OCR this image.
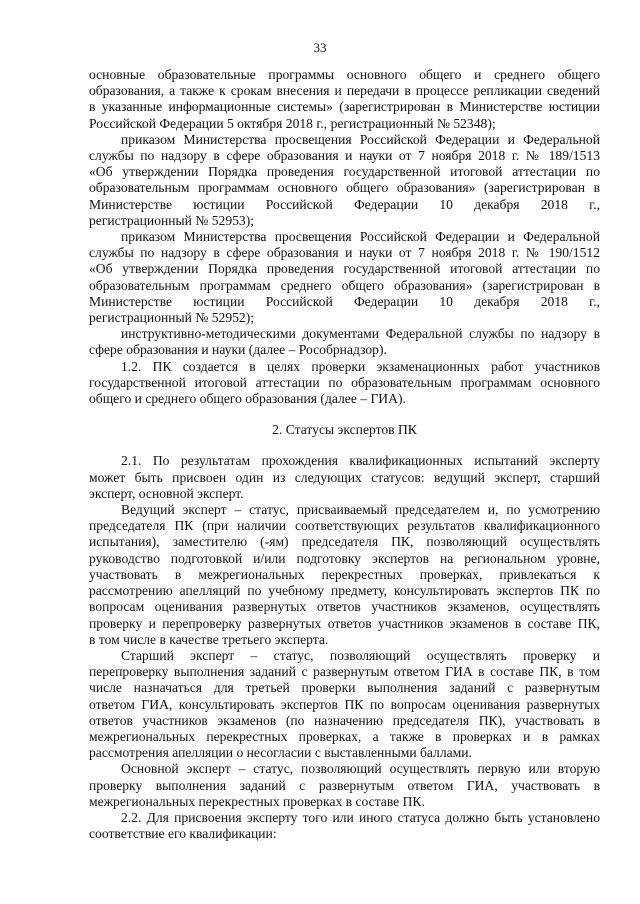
33
основные образовательные программы основного общего и среднего общего
образования, а также к срокам внесения и передачи в процессе репликации сведений
в указанные информационные системы» (зарегистрирован в Министерстве юстиции
Российской Федерации 5 октября 2018 г., регистрационный № 52348);
приказом Министерства просвещения Российской Федерации и Федеральной
службы по надзору в сфере образования и науки от 7 ноября 2018 г. № 189/1513
«Об утверждении Порядка проведения государственной итоговой аттестации по
образовательным программам основного общего образования» (зарегистрирован в
Министерстве юстиции Российской Федерации 10 декабря 2018 г.,
регистрационный № 52953);
приказом Министерства просвещения Российской Федерации и Федеральной
службы по надзору в сфере образования и науки от 7 ноября 2018 г. № 190/1512
«Об утверждении Порядка проведения государственной итоговой аттестации по
образовательным программам среднего общего образования» (зарегистрирован в
Министерстве юстиции Российской Федерации 10 декабря 2018 г.,
регистрационный № 52952);
инструктивно-методическими документами Федеральной службы по надзору в
сфере образования и науки (далее – Рособрнадзор).
1.2. ПК создается в целях проверки экзаменационных работ участников
государственной итоговой аттестации по образовательным программам основного
общего и среднего общего образования (далее – ГИА).
2. Статусы экспертов ПК
2.1. По результатам прохождения квалификационных испытаний эксперту
может быть присвоен один из следующих статусов: ведущий эксперт, старший
эксперт, основной эксперт.
Ведущий эксперт – статус, присваиваемый председателем и, по усмотрению
председателя ПК (при наличии соответствующих результатов квалификационного
испытания), заместителю (-ям) председателя ПК, позволяющий осуществлять
руководство подготовкой и/или подготовку экспертов на региональном уровне,
участвовать в межрегиональных перекрестных проверках, привлекаться к
рассмотрению апелляций по учебному предмету, консультировать экспертов ПК по
вопросам оценивания развернутых ответов участников экзаменов, осуществлять
проверку и перепроверку развернутых ответов участников экзаменов в составе ПК,
в том числе в качестве третьего эксперта.
Старший эксперт – статус, позволяющий осуществлять проверку и
перепроверку выполнения заданий с развернутым ответом ГИА в составе ПК, в том
числе назначаться для третьей проверки выполнения заданий с развернутым
ответом ГИА, консультировать экспертов ПК по вопросам оценивания развернутых
ответов участников экзаменов (по назначению председателя ПК), участвовать в
межрегиональных перекрестных проверках, а также в проверках и в рамках
рассмотрения апелляции о несогласии с выставленными баллами.
Основной эксперт – статус, позволяющий осуществлять первую или вторую
проверку выполнения заданий с развернутым ответом ГИА, участвовать в
межрегиональных перекрестных проверках в составе ПК.
2.2. Для присвоения эксперту того или иного статуса должно быть установлено
соответствие его квалификации:
